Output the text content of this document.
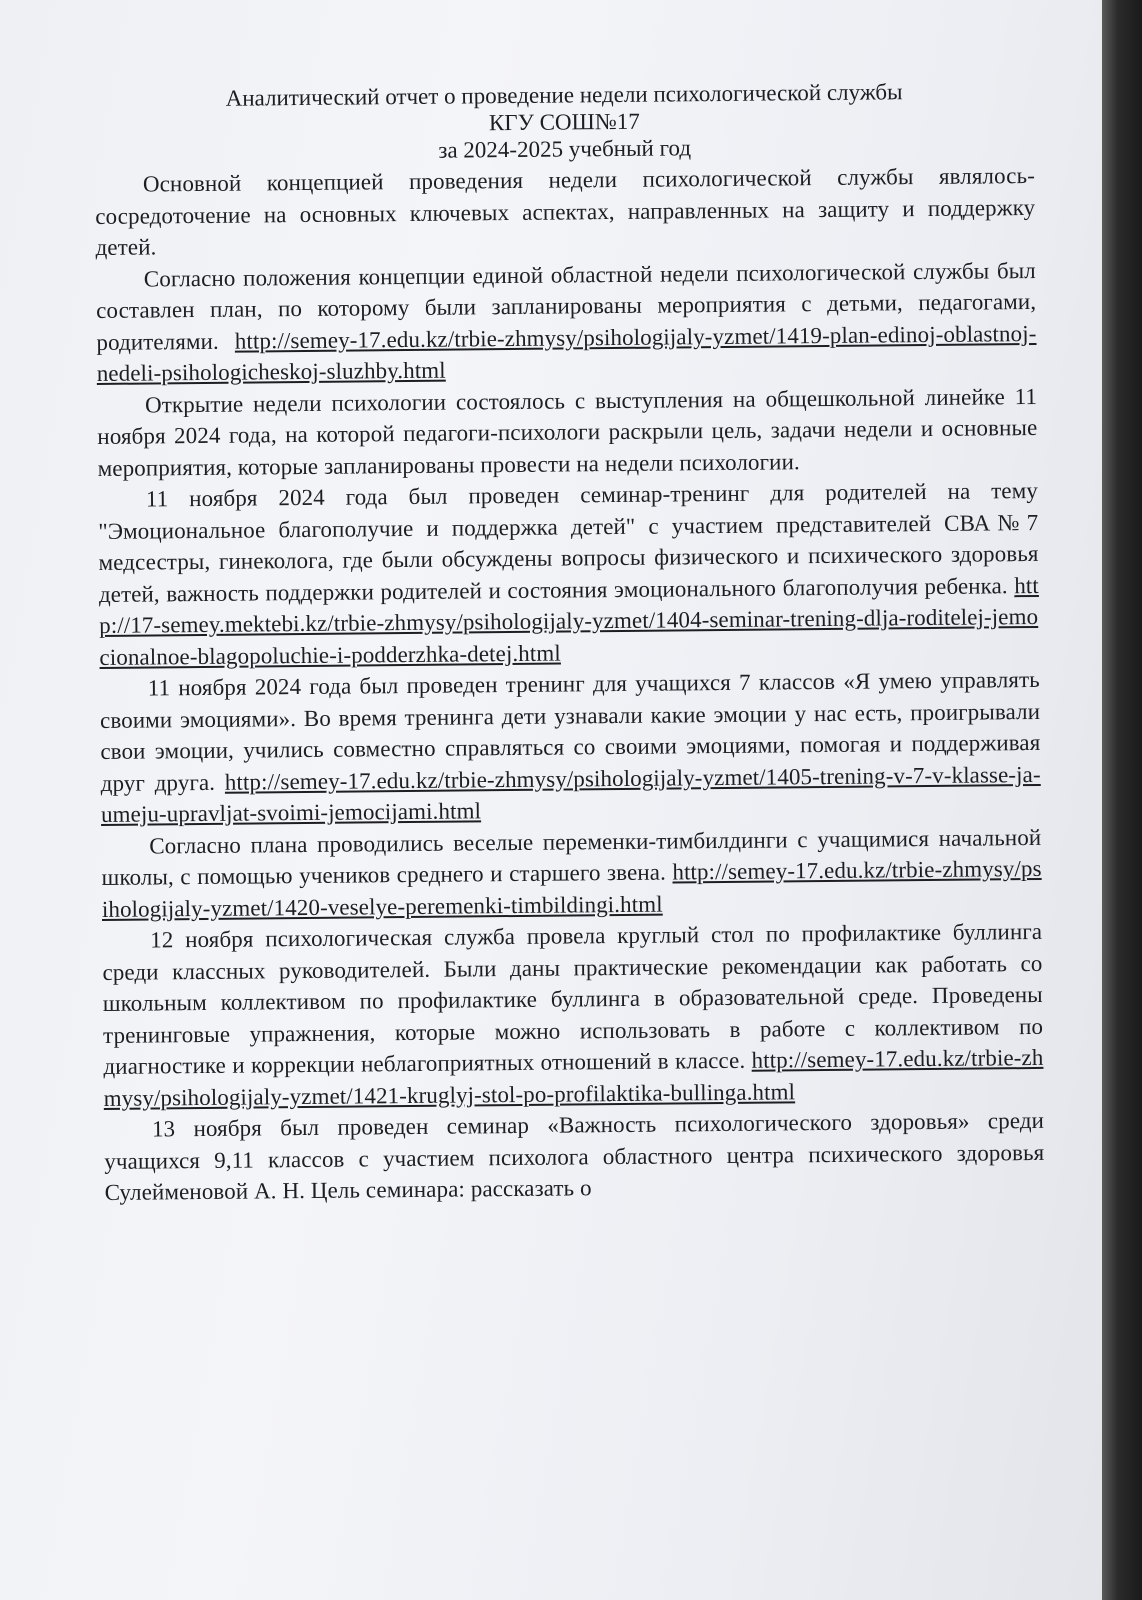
Аналитический отчет о проведение недели психологической службы
КГУ СОШ№17
за 2024-2025 учебный год

Основной концепцией проведения недели психологической службы являлось-сосредоточение на основных ключевых аспектах, направленных на защиту и поддержку детей.

Согласно положения концепции единой областной недели психологической службы был составлен план, по которому были запланированы мероприятия с детьми, педагогами, родителями. http://semey-17.edu.kz/trbie-zhmysy/psihologijaly-yzmet/1419-plan-edinoj-oblastnoj-nedeli-psihologicheskoj-sluzhby.html

Открытие недели психологии состоялось с выступления на общешкольной линейке 11 ноября 2024 года, на которой педагоги-психологи раскрыли цель, задачи недели и основные мероприятия, которые запланированы провести на недели психологии.

11 ноября 2024 года был проведен семинар-тренинг для родителей на тему "Эмоциональное благополучие и поддержка детей" с участием представителей СВА№7 медсестры, гинеколога, где были обсуждены вопросы физического и психического здоровья детей, важность поддержки родителей и состояния эмоционального благополучия ребенка. http://17-semey.mektebi.kz/trbie-zhmysy/psihologijaly-yzmet/1404-seminar-trening-dlja-roditelej-jemocionalnoe-blagopoluchie-i-podderzhka-detej.html

11 ноября 2024 года был проведен тренинг для учащихся 7 классов «Я умею управлять своими эмоциями». Во время тренинга дети узнавали какие эмоции у нас есть, проигрывали свои эмоции, учились совместно справляться со своими эмоциями, помогая и поддерживая друг друга. http://semey-17.edu.kz/trbie-zhmysy/psihologijaly-yzmet/1405-trening-v-7-v-klasse-ja-umeju-upravljat-svoimi-jemocijami.html

Согласно плана проводились веселые переменки-тимбилдинги с учащимися начальной школы, с помощью учеников среднего и старшего звена. http://semey-17.edu.kz/trbie-zhmysy/psihologijaly-yzmet/1420-veselye-peremenki-timbildingi.html

12 ноября психологическая служба провела круглый стол по профилактике буллинга среди классных руководителей. Были даны практические рекомендации как работать со школьным коллективом по профилактике буллинга в образовательной среде. Проведены тренинговые упражнения, которые можно использовать в работе с коллективом по диагностике и коррекции неблагоприятных отношений в классе. http://semey-17.edu.kz/trbie-zhmysy/psihologijaly-yzmet/1421-kruglyj-stol-po-profilaktika-bullinga.html

13 ноября был проведен семинар «Важность психологического здоровья» среди учащихся 9,11 классов с участием психолога областного центра психического здоровья Сулейменовой А. Н. Цель семинара: рассказать о
